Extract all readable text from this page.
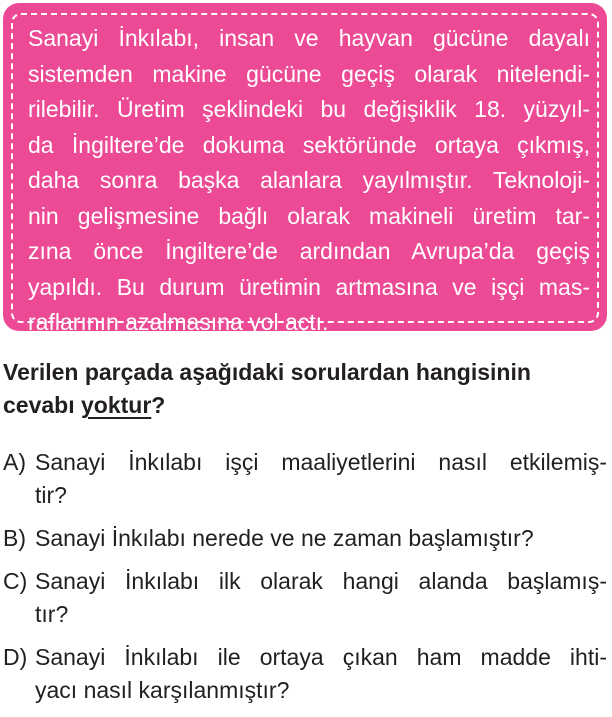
Sanayi İnkılabı, insan ve hayvan gücüne dayalı
sistemden makine gücüne geçiş olarak nitelendi-
rilebilir. Üretim şeklindeki bu değişiklik 18. yüzyıl-
da İngiltere’de dokuma sektöründe ortaya çıkmış,
daha sonra başka alanlara yayılmıştır. Teknoloji-
nin gelişmesine bağlı olarak makineli üretim tar-
zına önce İngiltere’de ardından Avrupa’da geçiş
yapıldı. Bu durum üretimin artmasına ve işçi mas-
raflarının azalmasına yol açtı.

Verilen parçada aşağıdaki sorulardan hangisinin
cevabı yoktur?

A) Sanayi İnkılabı işçi maaliyetlerini nasıl etkilemiş-
tir?
B) Sanayi İnkılabı nerede ve ne zaman başlamıştır?
C) Sanayi İnkılabı ilk olarak hangi alanda başlamış-
tır?
D) Sanayi İnkılabı ile ortaya çıkan ham madde ihti-
yacı nasıl karşılanmıştır?
